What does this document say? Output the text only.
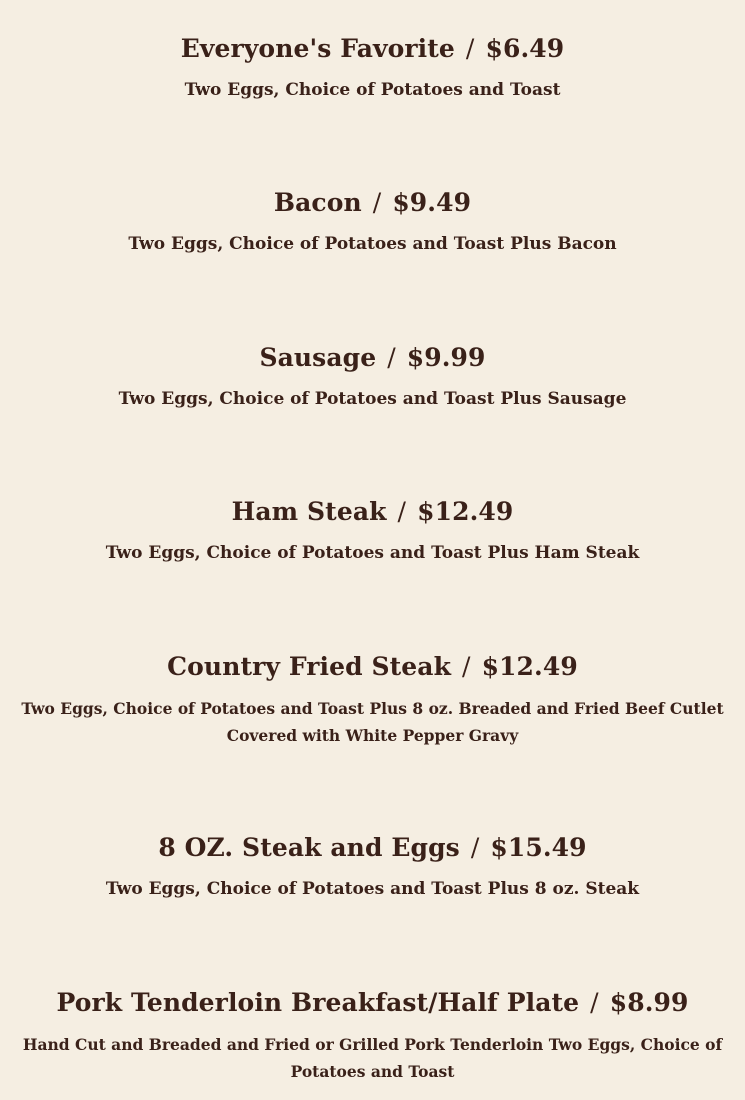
Everyone's Favorite / $6.49
Two Eggs, Choice of Potatoes and Toast
Bacon / $9.49
Two Eggs, Choice of Potatoes and Toast Plus Bacon
Sausage / $9.99
Two Eggs, Choice of Potatoes and Toast Plus Sausage
Ham Steak / $12.49
Two Eggs, Choice of Potatoes and Toast Plus Ham Steak
Country Fried Steak / $12.49
Two Eggs, Choice of Potatoes and Toast Plus 8 oz. Breaded and Fried Beef Cutlet
Covered with White Pepper Gravy
8 OZ. Steak and Eggs / $15.49
Two Eggs, Choice of Potatoes and Toast Plus 8 oz. Steak
Pork Tenderloin Breakfast/Half Plate / $8.99
Hand Cut and Breaded and Fried or Grilled Pork Tenderloin Two Eggs, Choice of
Potatoes and Toast
